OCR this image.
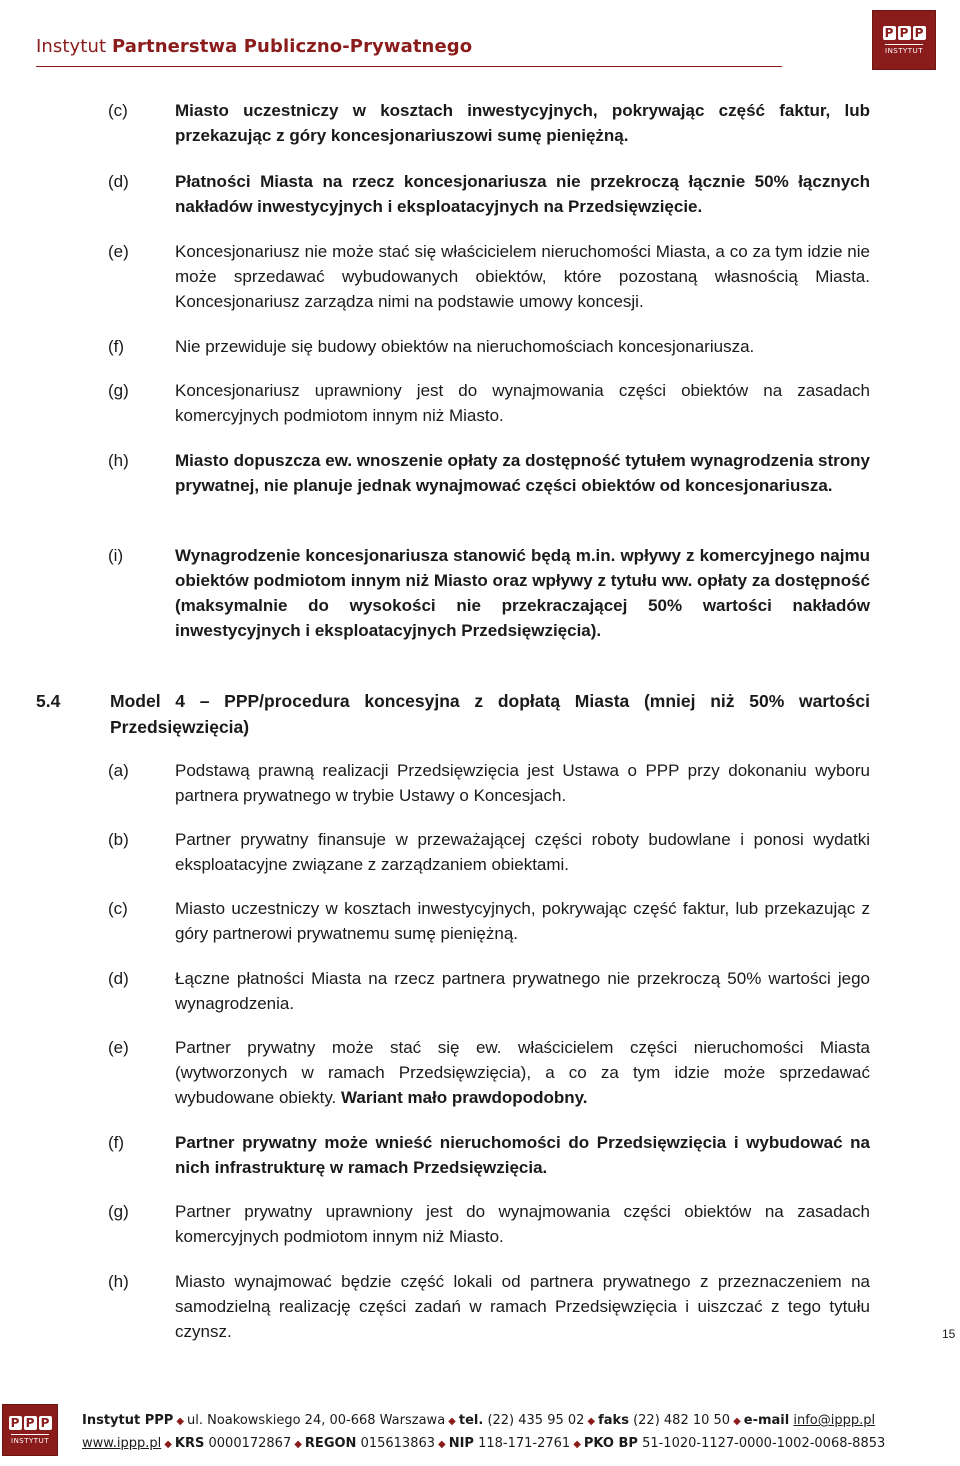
Instytut Partnerstwa Publiczno-Prywatnego
P P P
INSTYTUT
(c)	Miasto uczestniczy w kosztach inwestycyjnych, pokrywając część faktur, lub przekazując z góry koncesjonariuszowi sumę pieniężną.
(d)	Płatności Miasta na rzecz koncesjonariusza nie przekroczą łącznie 50% łącznych nakładów inwestycyjnych i eksploatacyjnych na Przedsięwzięcie.
(e)	Koncesjonariusz nie może stać się właścicielem nieruchomości Miasta, a co za tym idzie nie może sprzedawać wybudowanych obiektów, które pozostaną własnością Miasta. Koncesjonariusz zarządza nimi na podstawie umowy koncesji.
(f)	Nie przewiduje się budowy obiektów na nieruchomościach koncesjonariusza.
(g)	Koncesjonariusz uprawniony jest do wynajmowania części obiektów na zasadach komercyjnych podmiotom innym niż Miasto.
(h)	Miasto dopuszcza ew. wnoszenie opłaty za dostępność tytułem wynagrodzenia strony prywatnej, nie planuje jednak wynajmować części obiektów od koncesjonariusza.
(i)	Wynagrodzenie koncesjonariusza stanowić będą m.in. wpływy z komercyjnego najmu obiektów podmiotom innym niż Miasto oraz wpływy z tytułu ww. opłaty za dostępność (maksymalnie do wysokości nie przekraczającej 50% wartości nakładów inwestycyjnych i eksploatacyjnych Przedsięwzięcia).
5.4	Model 4 – PPP/procedura koncesyjna z dopłatą Miasta (mniej niż 50% wartości Przedsięwzięcia)
(a)	Podstawą prawną realizacji Przedsięwzięcia jest Ustawa o PPP przy dokonaniu wyboru partnera prywatnego w trybie Ustawy o Koncesjach.
(b)	Partner prywatny finansuje w przeważającej części roboty budowlane i ponosi wydatki eksploatacyjne związane z zarządzaniem obiektami.
(c)	Miasto uczestniczy w kosztach inwestycyjnych, pokrywając część faktur, lub przekazując z góry partnerowi prywatnemu sumę pieniężną.
(d)	Łączne płatności Miasta na rzecz partnera prywatnego nie przekroczą 50% wartości jego wynagrodzenia.
(e)	Partner prywatny może stać się ew. właścicielem części nieruchomości Miasta (wytworzonych w ramach Przedsięwzięcia), a co za tym idzie może sprzedawać wybudowane obiekty. Wariant mało prawdopodobny.
(f)	Partner prywatny może wnieść nieruchomości do Przedsięwzięcia i wybudować na nich infrastrukturę w ramach Przedsięwzięcia.
(g)	Partner prywatny uprawniony jest do wynajmowania części obiektów na zasadach komercyjnych podmiotom innym niż Miasto.
(h)	Miasto wynajmować będzie część lokali od partnera prywatnego z przeznaczeniem na samodzielną realizację części zadań w ramach Przedsięwzięcia i uiszczać z tego tytułu czynsz.	15
P P P
INSTYTUT
Instytut PPP ◆ ul. Noakowskiego 24, 00-668 Warszawa ◆ tel. (22) 435 95 02 ◆ faks (22) 482 10 50 ◆ e-mail info@ippp.pl
www.ippp.pl ◆ KRS 0000172867 ◆ REGON 015613863 ◆ NIP 118-171-2761 ◆ PKO BP 51-1020-1127-0000-1002-0068-8853
